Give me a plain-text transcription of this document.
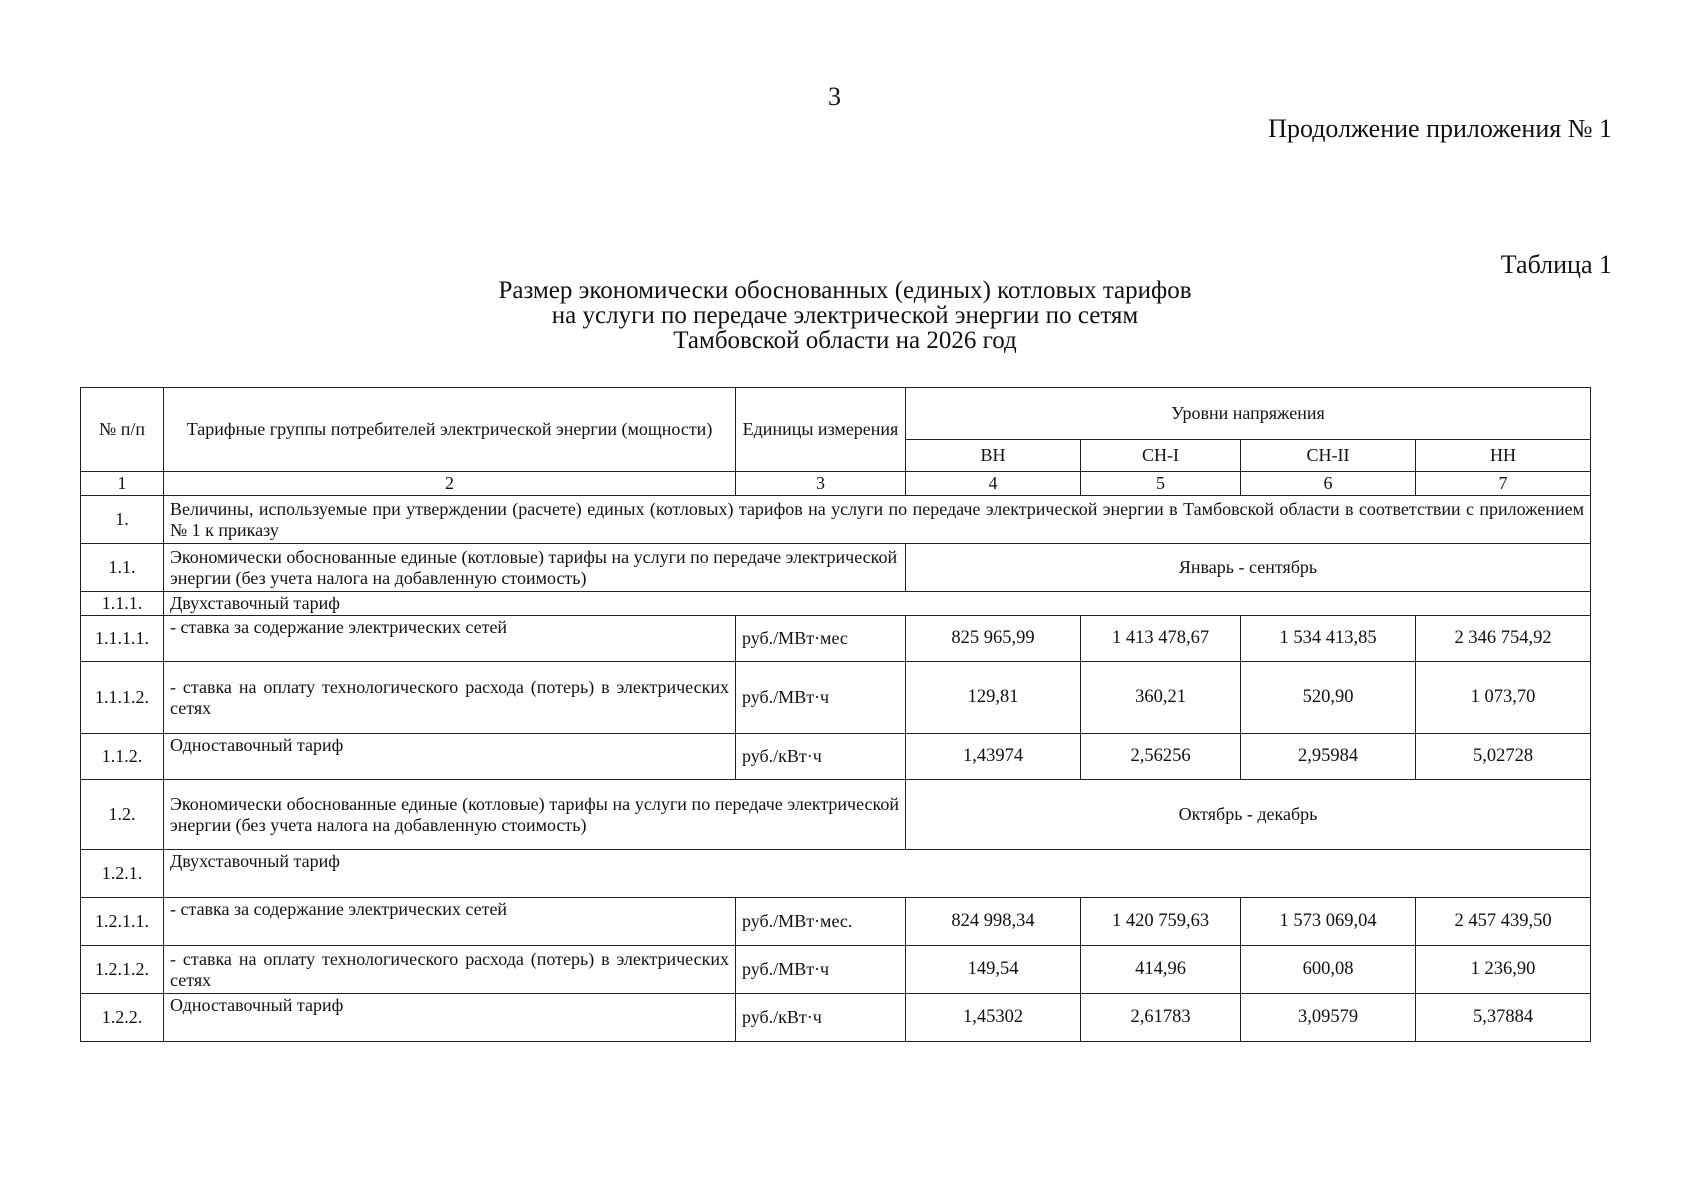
3
Продолжение приложения № 1
Таблица 1
Размер экономически обоснованных (единых) котловых тарифов
на услуги по передаче электрической энергии по сетям
Тамбовской области на 2026 год
№ п/п	Тарифные группы потребителей электрической энергии (мощности)	Единицы измерения	Уровни напряжения			
			ВН	СН-I	СН-II	НН
1	2	3	4	5	6	7
1.	Величины, используемые при утверждении (расчете) единых (котловых) тарифов на услуги по передаче электрической энергии в Тамбовской области в соответствии с приложением № 1 к приказу					
1.1.	Экономически обоснованные единые (котловые) тарифы на услуги по передаче электрической энергии (без учета налога на добавленную стоимость)		Январь - сентябрь			
1.1.1.	Двухставочный тариф					
1.1.1.1.	- ставка за содержание электрических сетей	руб./МВт·мес	825 965,99	1 413 478,67	1 534 413,85	2 346 754,92
1.1.1.2.	- ставка на оплату технологического расхода (потерь) в электрических сетях	руб./МВт·ч	129,81	360,21	520,90	1 073,70
1.1.2.	Одноставочный тариф	руб./кВт·ч	1,43974	2,56256	2,95984	5,02728
1.2.	Экономически обоснованные единые (котловые) тарифы на услуги по передаче электрической энергии (без учета налога на добавленную стоимость)		Октябрь - декабрь			
1.2.1.	Двухставочный тариф					
1.2.1.1.	- ставка за содержание электрических сетей	руб./МВт·мес.	824 998,34	1 420 759,63	1 573 069,04	2 457 439,50
1.2.1.2.	- ставка на оплату технологического расхода (потерь) в электрических сетях	руб./МВт·ч	149,54	414,96	600,08	1 236,90
1.2.2.	Одноставочный тариф	руб./кВт·ч	1,45302	2,61783	3,09579	5,37884
